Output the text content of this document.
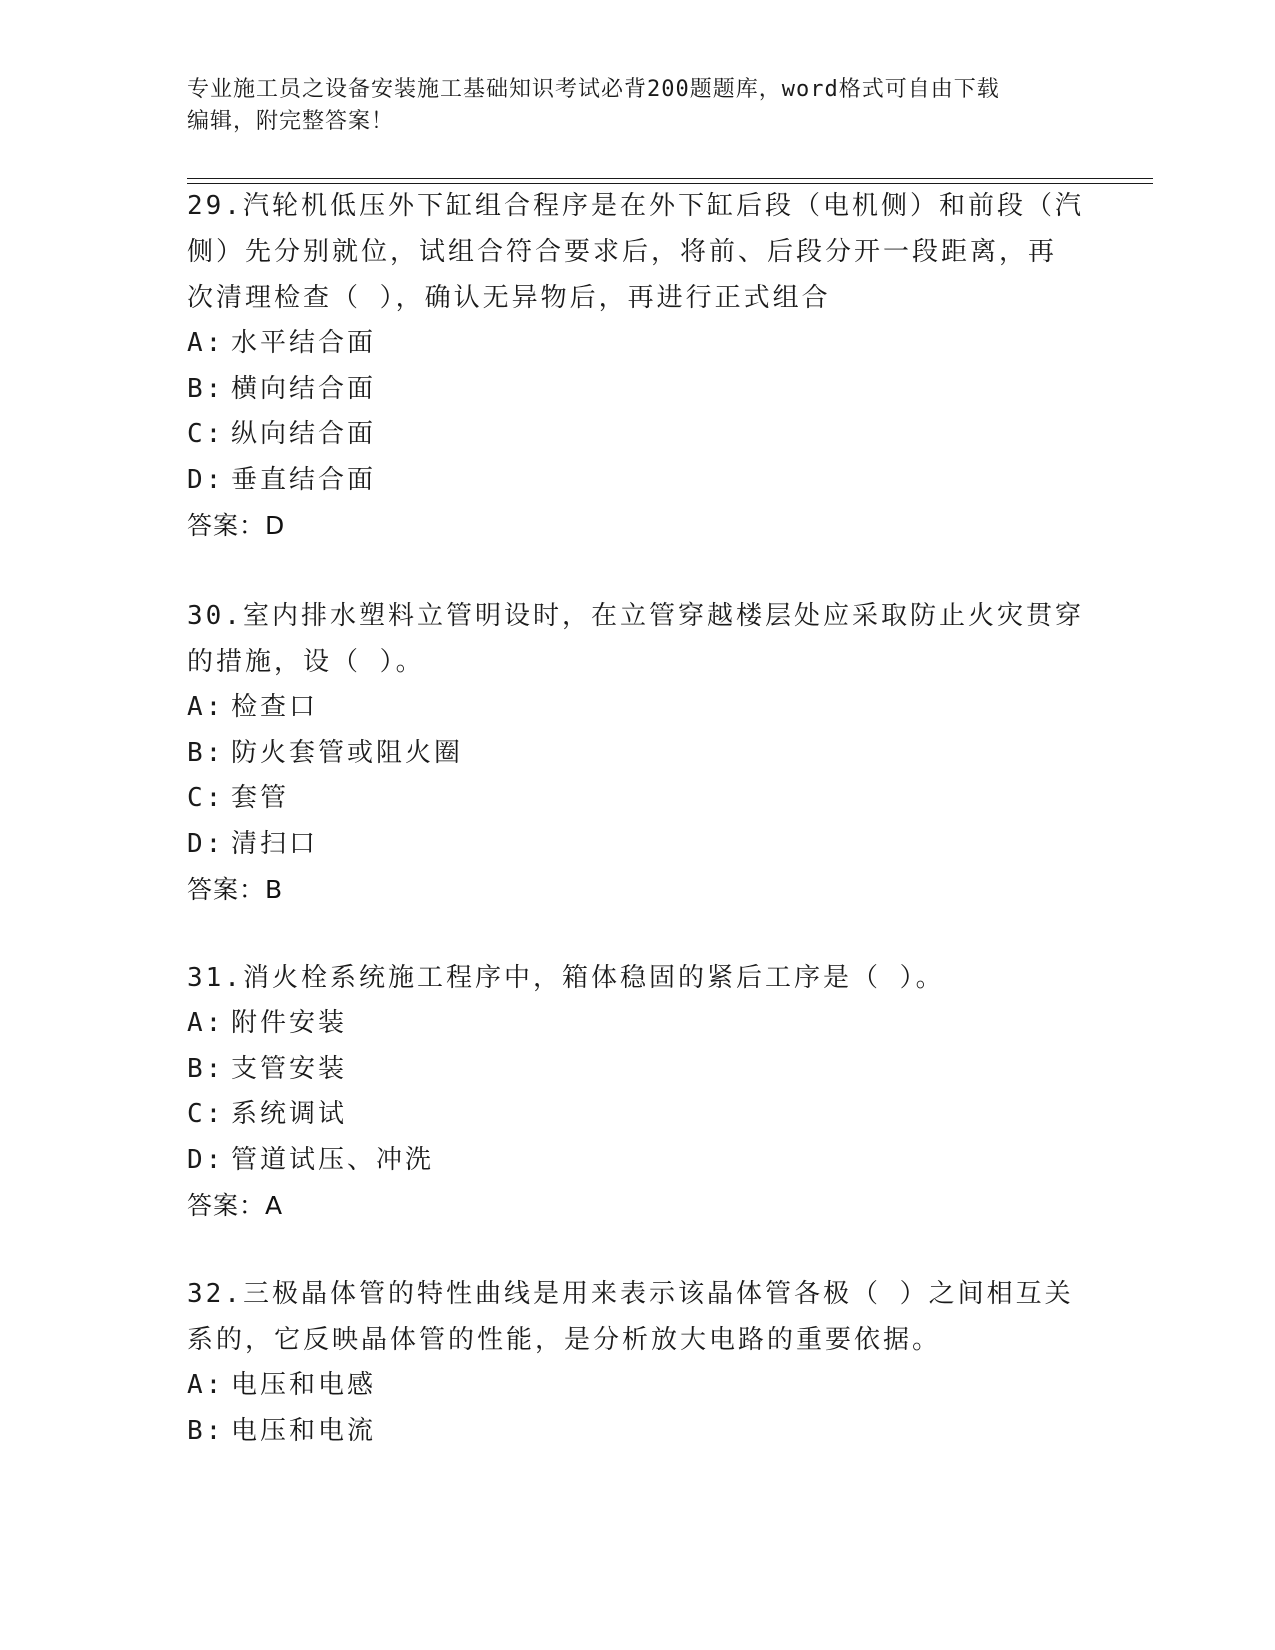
专业施工员之设备安装施工基础知识考试必背200题题库，word格式可自由下载
编辑，附完整答案！
29.汽轮机低压外下缸组合程序是在外下缸后段（电机侧）和前段（汽
侧）先分别就位，试组合符合要求后，将前、后段分开一段距离，再
次清理检查（ ），确认无异物后，再进行正式组合
A: 水平结合面
B: 横向结合面
C: 纵向结合面
D: 垂直结合面
答案：D
30.室内排水塑料立管明设时，在立管穿越楼层处应采取防止火灾贯穿
的措施，设（ ）。
A: 检查口
B: 防火套管或阻火圈
C: 套管
D: 清扫口
答案：B
31.消火栓系统施工程序中，箱体稳固的紧后工序是（ ）。
A: 附件安装
B: 支管安装
C: 系统调试
D: 管道试压、冲洗
答案：A
32.三极晶体管的特性曲线是用来表示该晶体管各极（ ）之间相互关
系的，它反映晶体管的性能，是分析放大电路的重要依据。
A: 电压和电感
B: 电压和电流
